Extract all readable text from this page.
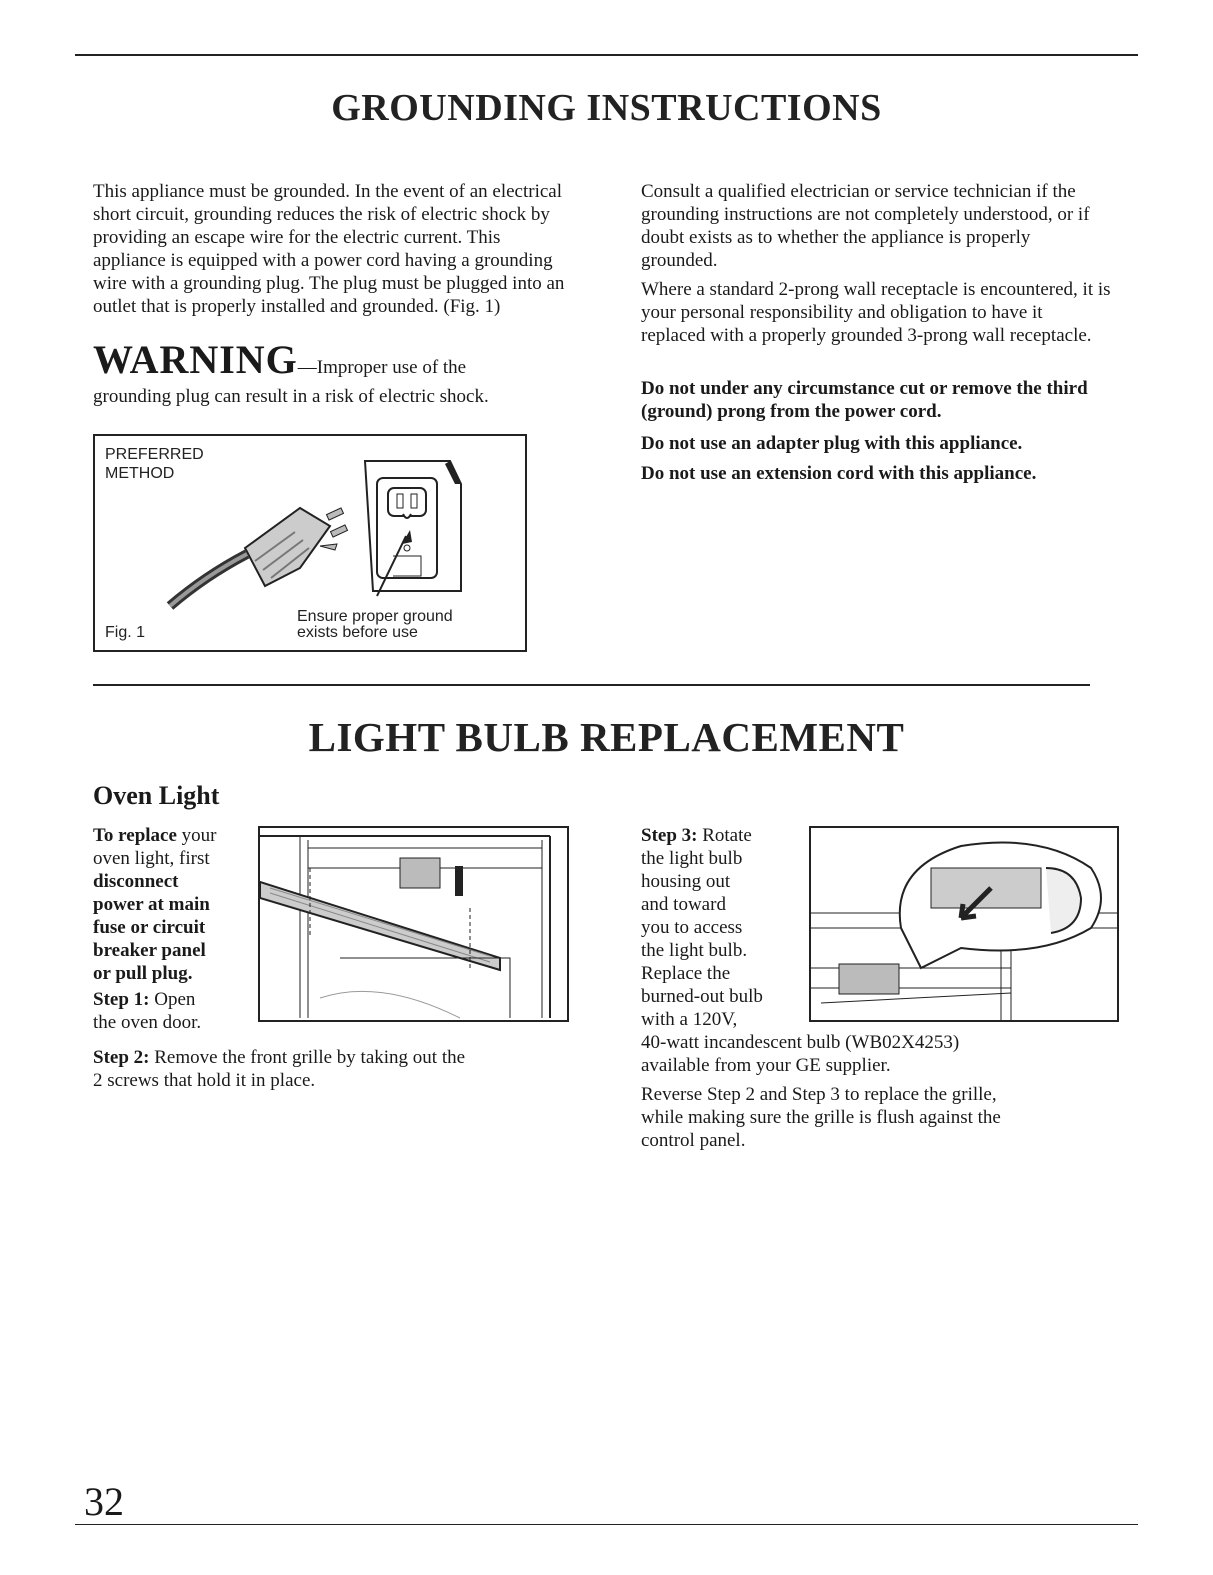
GROUNDING INSTRUCTIONS

This appliance must be grounded. In the event of an electrical short circuit, grounding reduces the risk of electric shock by providing an escape wire for the electric current. This appliance is equipped with a power cord having a grounding wire with a grounding plug. The plug must be plugged into an outlet that is properly installed and grounded. (Fig. 1)

WARNING—Improper use of the
grounding plug can result in a risk of electric shock.
PREFERRED
METHOD
Ensure proper ground
exists before use
Fig. 1

Consult a qualified electrician or service technician if the grounding instructions are not completely understood, or if doubt exists as to whether the appliance is properly grounded.

Where a standard 2-prong wall receptacle is encountered, it is your personal responsibility and obligation to have it replaced with a properly grounded 3-prong wall receptacle.

Do not under any circumstance cut or remove the third (ground) prong from the power cord.

Do not use an adapter plug with this appliance.

Do not use an extension cord with this appliance.

LIGHT BULB REPLACEMENT
Oven Light
To replace your
oven light, first
disconnect
power at main
fuse or circuit
breaker panel
or pull plug.
Step 1: Open
the oven door.
Step 2: Remove the front grille by taking out the
2 screws that hold it in place.
Step 3: Rotate
the light bulb
housing out
and toward
you to access
the light bulb.
Replace the
burned-out bulb
with a 120V,
40-watt incandescent bulb (WB02X4253)
available from your GE supplier.
Reverse Step 2 and Step 3 to replace the grille,
while making sure the grille is flush against the
control panel.
32
